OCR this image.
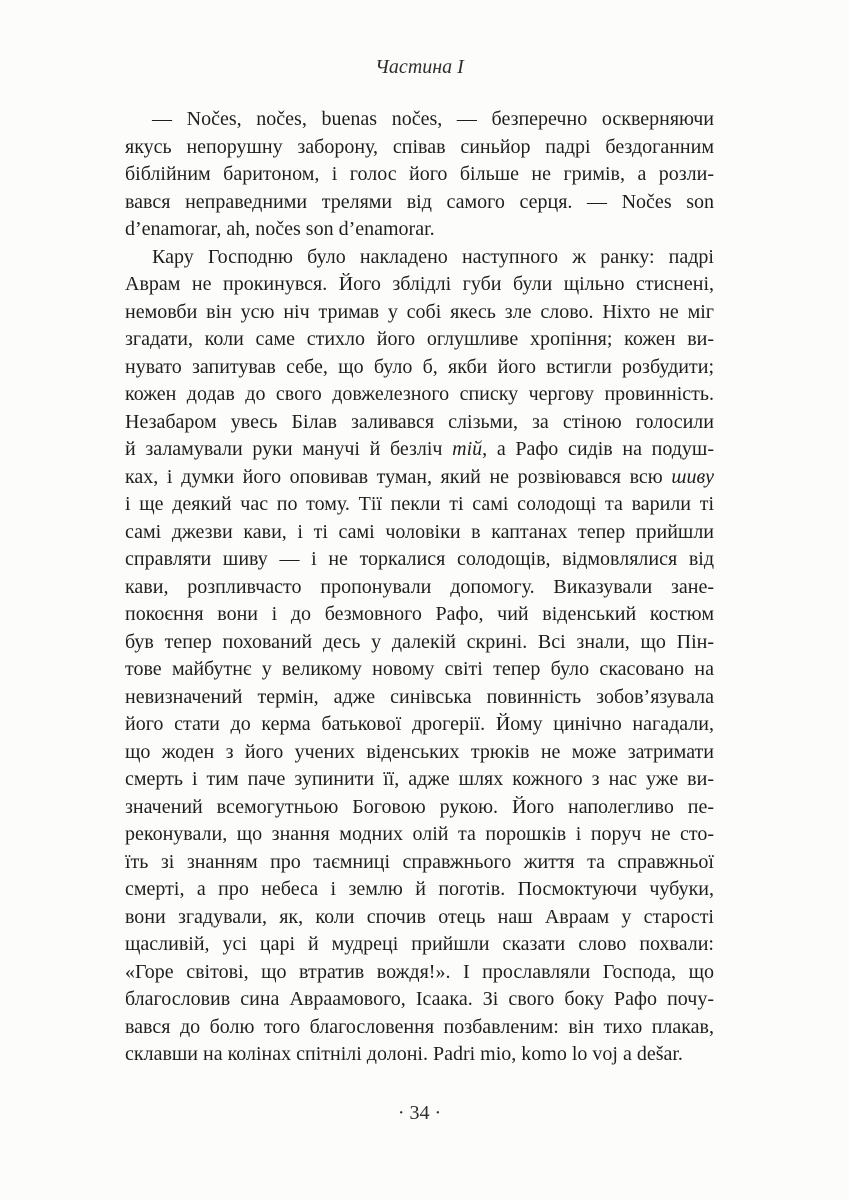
Частина I
— Nočes, nočes, buenas nočes, — безперечно оскверняючи
якусь непорушну заборону, співав синьйор падрі бездоганним
біблійним баритоном, і голос його більше не гримів, а розли-
вався неправедними трелями від самого серця. — Nočes son
d’enamorar, ah, nočes son d’enamorar.
Кару Господню було накладено наступного ж ранку: падрі
Аврам не прокинувся. Його зблідлі губи були щільно стиснені,
немовби він усю ніч тримав у собі якесь зле слово. Ніхто не міг
згадати, коли саме стихло його оглушливе хропіння; кожен ви-
нувато запитував себе, що було б, якби його встигли розбудити;
кожен додав до свого довжелезного списку чергову провинність.
Незабаром увесь Білав заливався слізьми, за стіною голосили
й заламували руки манучі й безліч тій, а Рафо сидів на подуш-
ках, і думки його оповивав туман, який не розвіювався всю шиву
і ще деякий час по тому. Тії пекли ті самі солодощі та варили ті
самі джезви кави, і ті самі чоловіки в каптанах тепер прийшли
справляти шиву — і не торкалися солодощів, відмовлялися від
кави, розпливчасто пропонували допомогу. Виказували зане-
покоєння вони і до безмовного Рафо, чий віденський костюм
був тепер похований десь у далекій скрині. Всі знали, що Пін-
тове майбутнє у великому новому світі тепер було скасовано на
невизначений термін, адже синівська повинність зобов’язувала
його стати до керма батькової дрогерії. Йому цинічно нагадали,
що жоден з його учених віденських трюків не може затримати
смерть і тим паче зупинити її, адже шлях кожного з нас уже ви-
значений всемогутньою Боговою рукою. Його наполегливо пе-
реконували, що знання модних олій та порошків і поруч не сто-
їть зі знанням про таємниці справжнього життя та справжньої
смерті, а про небеса і землю й поготів. Посмоктуючи чубуки,
вони згадували, як, коли спочив отець наш Авраам у старості
щасливій, усі царі й мудреці прийшли сказати слово похвали:
«Горе світові, що втратив вождя!». І прославляли Господа, що
благословив сина Авраамового, Ісаака. Зі свого боку Рафо почу-
вався до болю того благословення позбавленим: він тихо плакав,
склавши на колінах спітнілі долоні. Padri mio, komo lo voj a dešar.
· 34 ·
